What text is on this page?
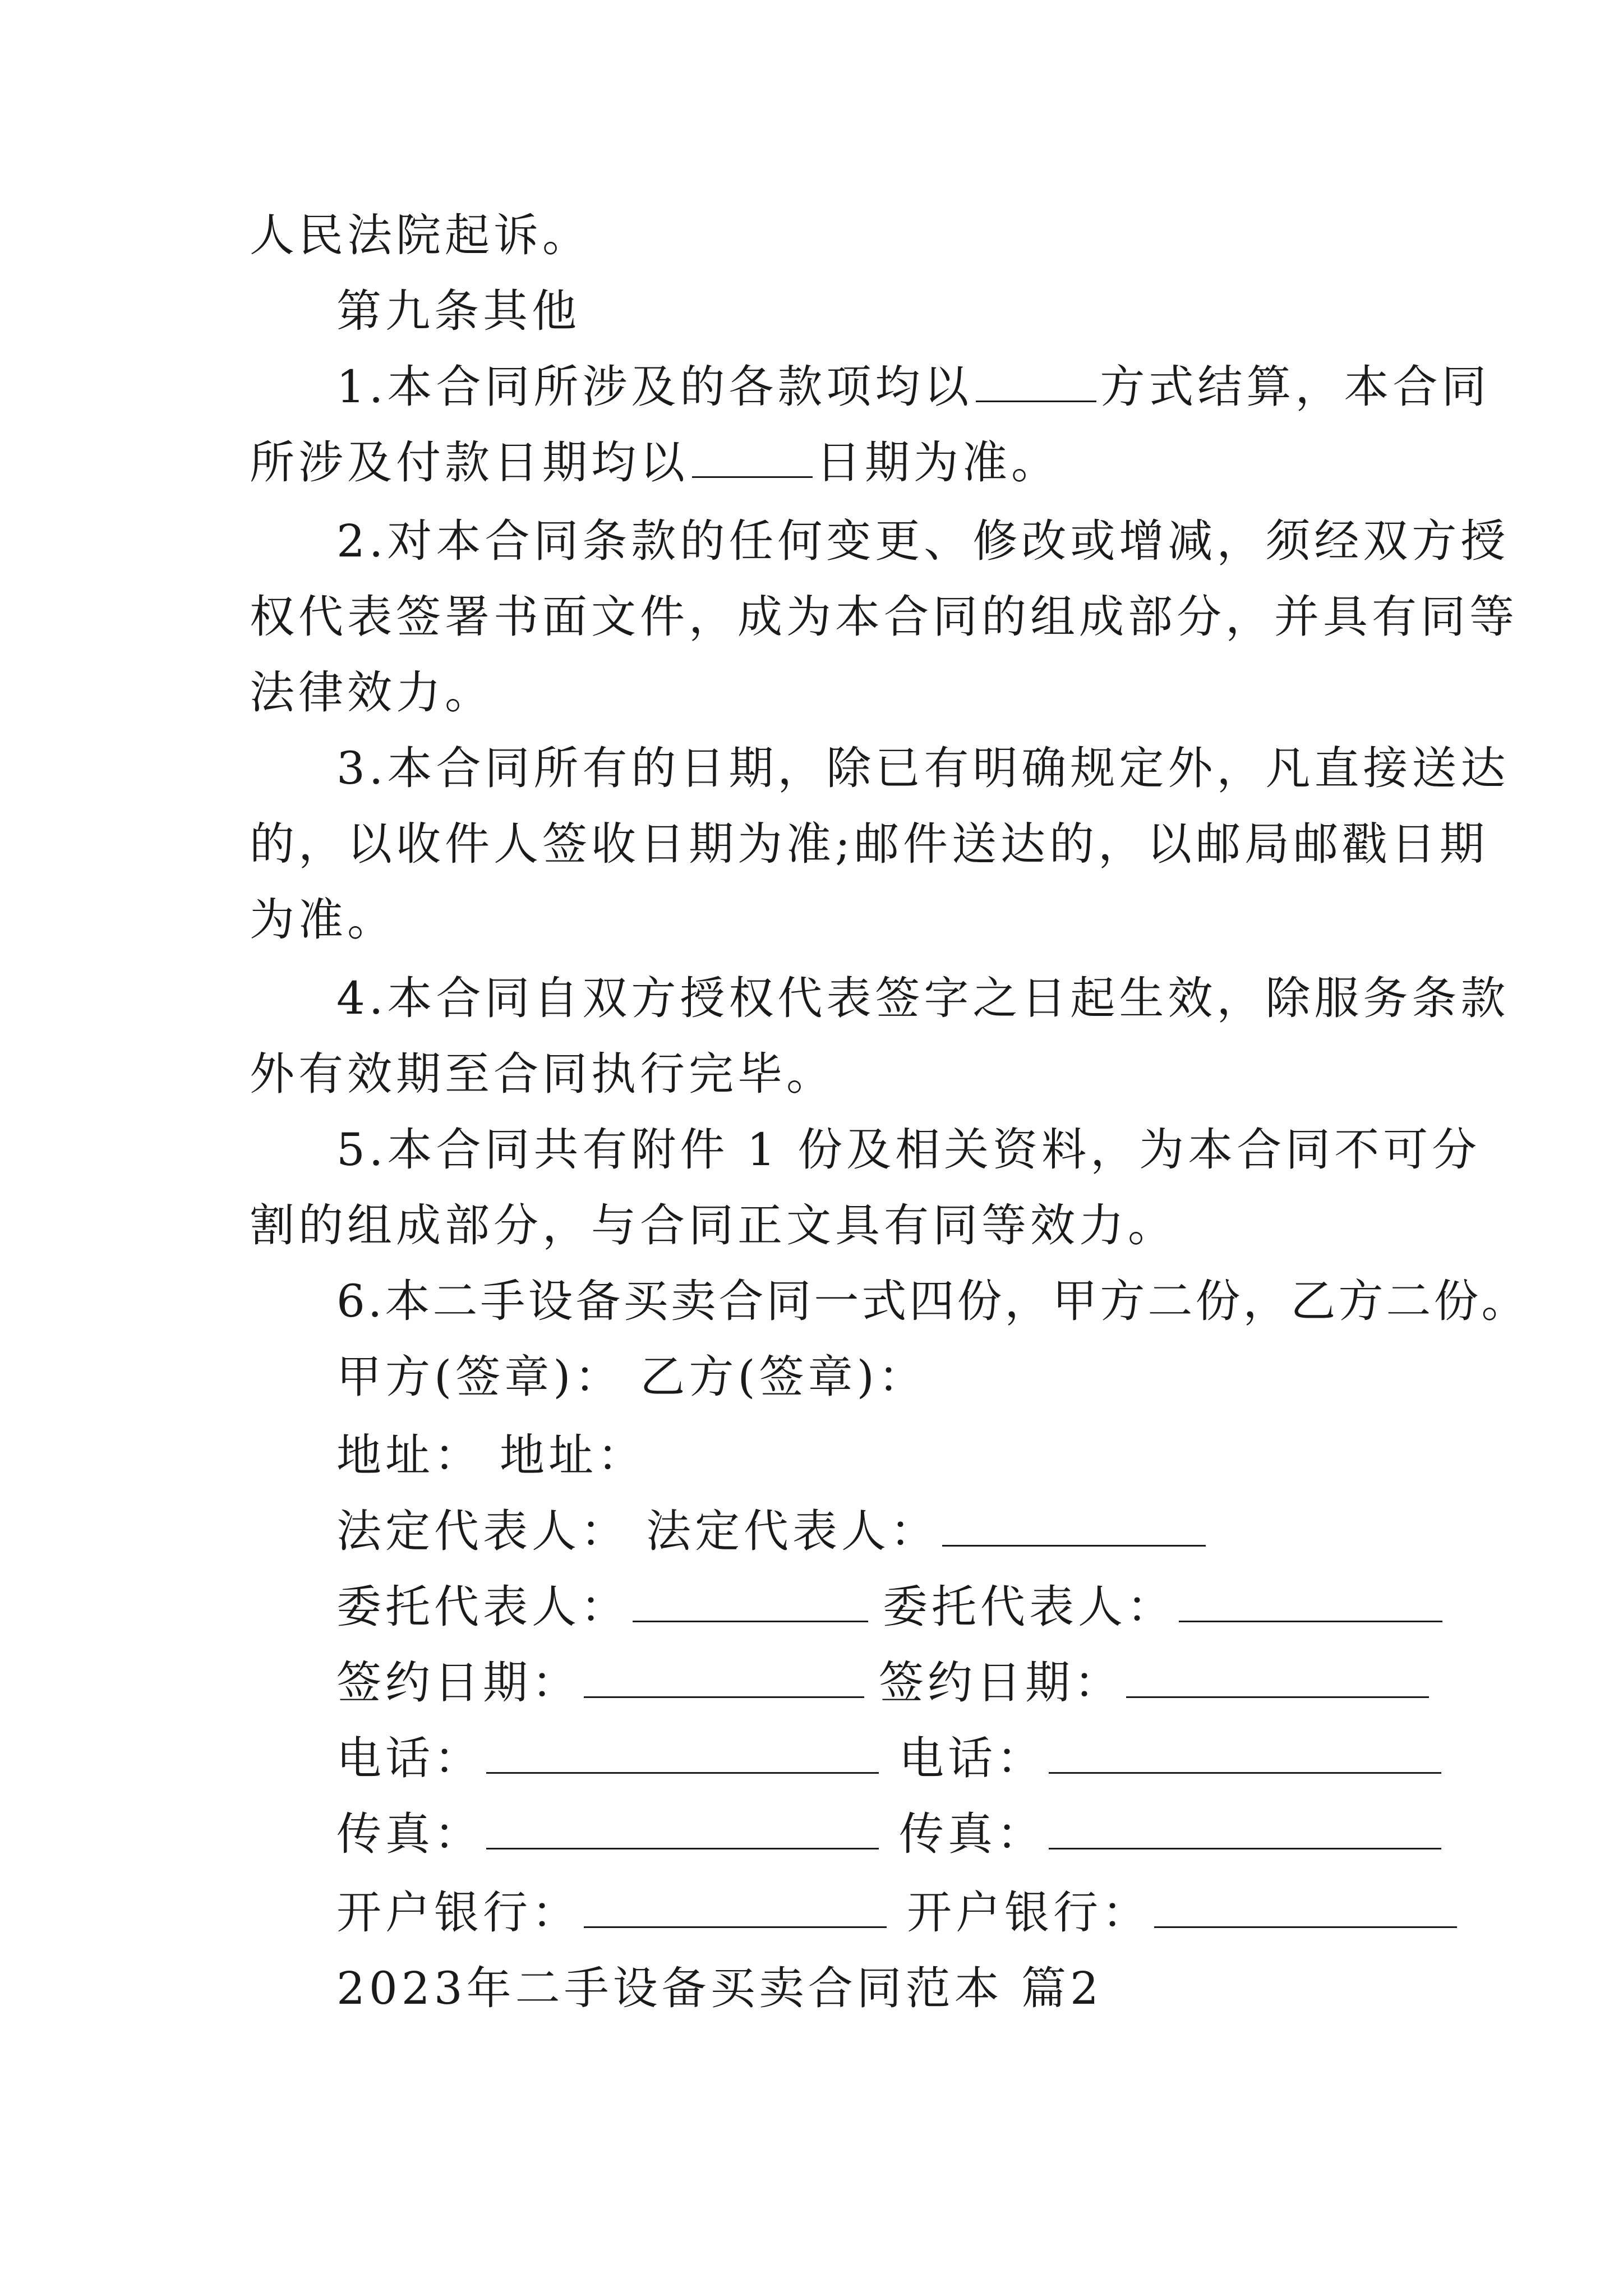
人民法院起诉。
第九条其他
1.本合同所涉及的各款项均以	方式结算，本合同
所涉及付款日期均以	日期为准。
2.对本合同条款的任何变更、修改或增减，须经双方授
权代表签署书面文件，成为本合同的组成部分，并具有同等
法律效力。
3.本合同所有的日期，除已有明确规定外，凡直接送达
的，以收件人签收日期为准;邮件送达的，以邮局邮戳日期
为准。
4.本合同自双方授权代表签字之日起生效，除服务条款
外有效期至合同执行完毕。
5.本合同共有附件 1 份及相关资料，为本合同不可分
割的组成部分，与合同正文具有同等效力。
6.本二手设备买卖合同一式四份，甲方二份，乙方二份。
甲方(签章)： 乙方(签章)：
地址： 地址：
法定代表人： 法定代表人：
委托代表人：	委托代表人：
签约日期：	签约日期：
电话：	电话：
传真：	传真：
开户银行：	开户银行：
2023年二手设备买卖合同范本 篇2
